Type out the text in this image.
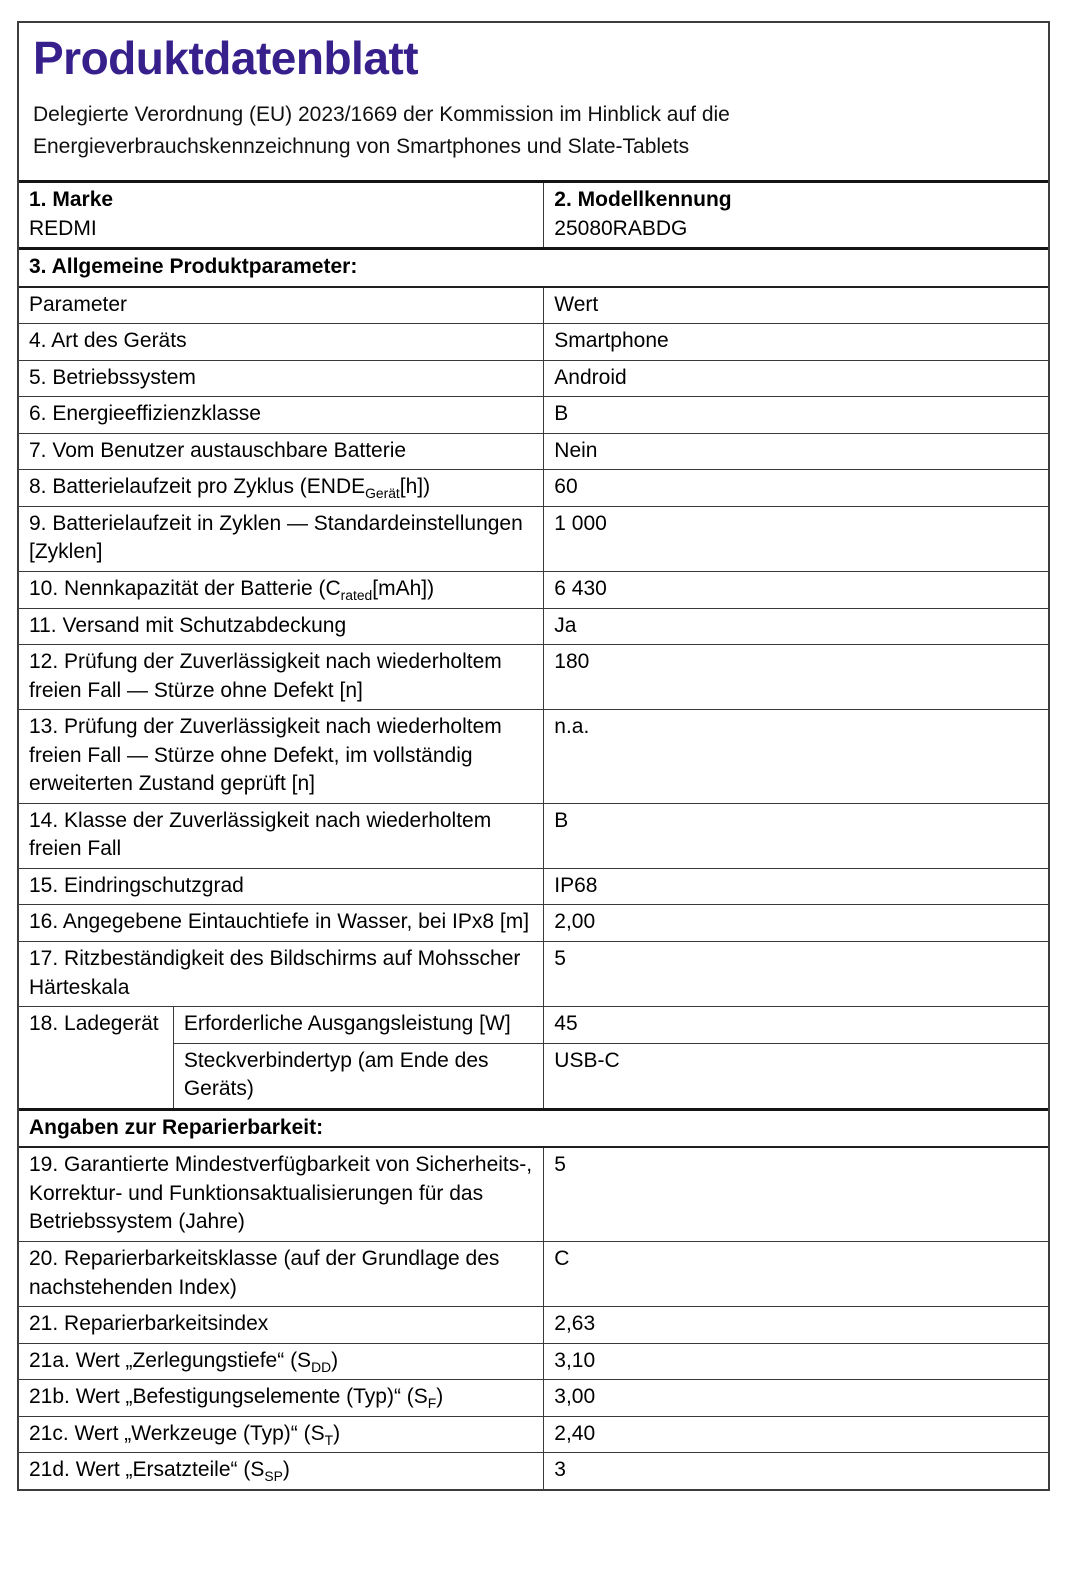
Produktdatenblatt
Delegierte Verordnung (EU) 2023/1669 der Kommission im Hinblick auf die
Energieverbrauchskennzeichnung von Smartphones und Slate-Tablets
1. Marke
REDMI

2. Modellkennung
25080RABDG

3. Allgemeine Produktparameter:		
Parameter		Wert
4. Art des Geräts		Smartphone
5. Betriebssystem		Android
6. Energieeffizienzklasse		B
7. Vom Benutzer austauschbare Batterie		Nein
8. Batterielaufzeit pro Zyklus $(ENDE_{Gerät}[h])$		60
9. Batterielaufzeit in Zyklen — Standardeinstellungen [Zyklen]		1 000
10. Nennkapazität der Batterie $(C_{rated}[mAh])$		6 430
11. Versand mit Schutzabdeckung		Ja
12. Prüfung der Zuverlässigkeit nach wiederholtem freien Fall — Stürze ohne Defekt [n]		180
13. Prüfung der Zuverlässigkeit nach wiederholtem freien Fall — Stürze ohne Defekt, im vollständig erweiterten Zustand geprüft [n]		n.a.
14. Klasse der Zuverlässigkeit nach wiederholtem freien Fall		B
15. Eindringschutzgrad		IP68
16. Angegebene Eintauchtiefe in Wasser, bei IPx8 [m]		2,00
17. Ritzbeständigkeit des Bildschirms auf Mohsscher Härteskala		5
18. Ladegerät	Erforderliche Ausgangsleistung [W]	45
	Steckverbindertyp (am Ende des Geräts)	USB-C
Angaben zur Reparierbarkeit:		
19. Garantierte Mindestverfügbarkeit von Sicherheits-, Korrektur- und Funktionsaktualisierungen für das Betriebssystem (Jahre)		5
20. Reparierbarkeitsklasse (auf der Grundlage des nachstehenden Index)		C
21. Reparierbarkeitsindex		2,63
21a. Wert „Zerlegungstiefe“ $(S_{DD})$		3,10
21b. Wert „Befestigungselemente (Typ)“ $(S_F)$		3,00
21c. Wert „Werkzeuge (Typ)“ $(S_T)$		2,40
21d. Wert „Ersatzteile“ $(S_{SP})$		3
